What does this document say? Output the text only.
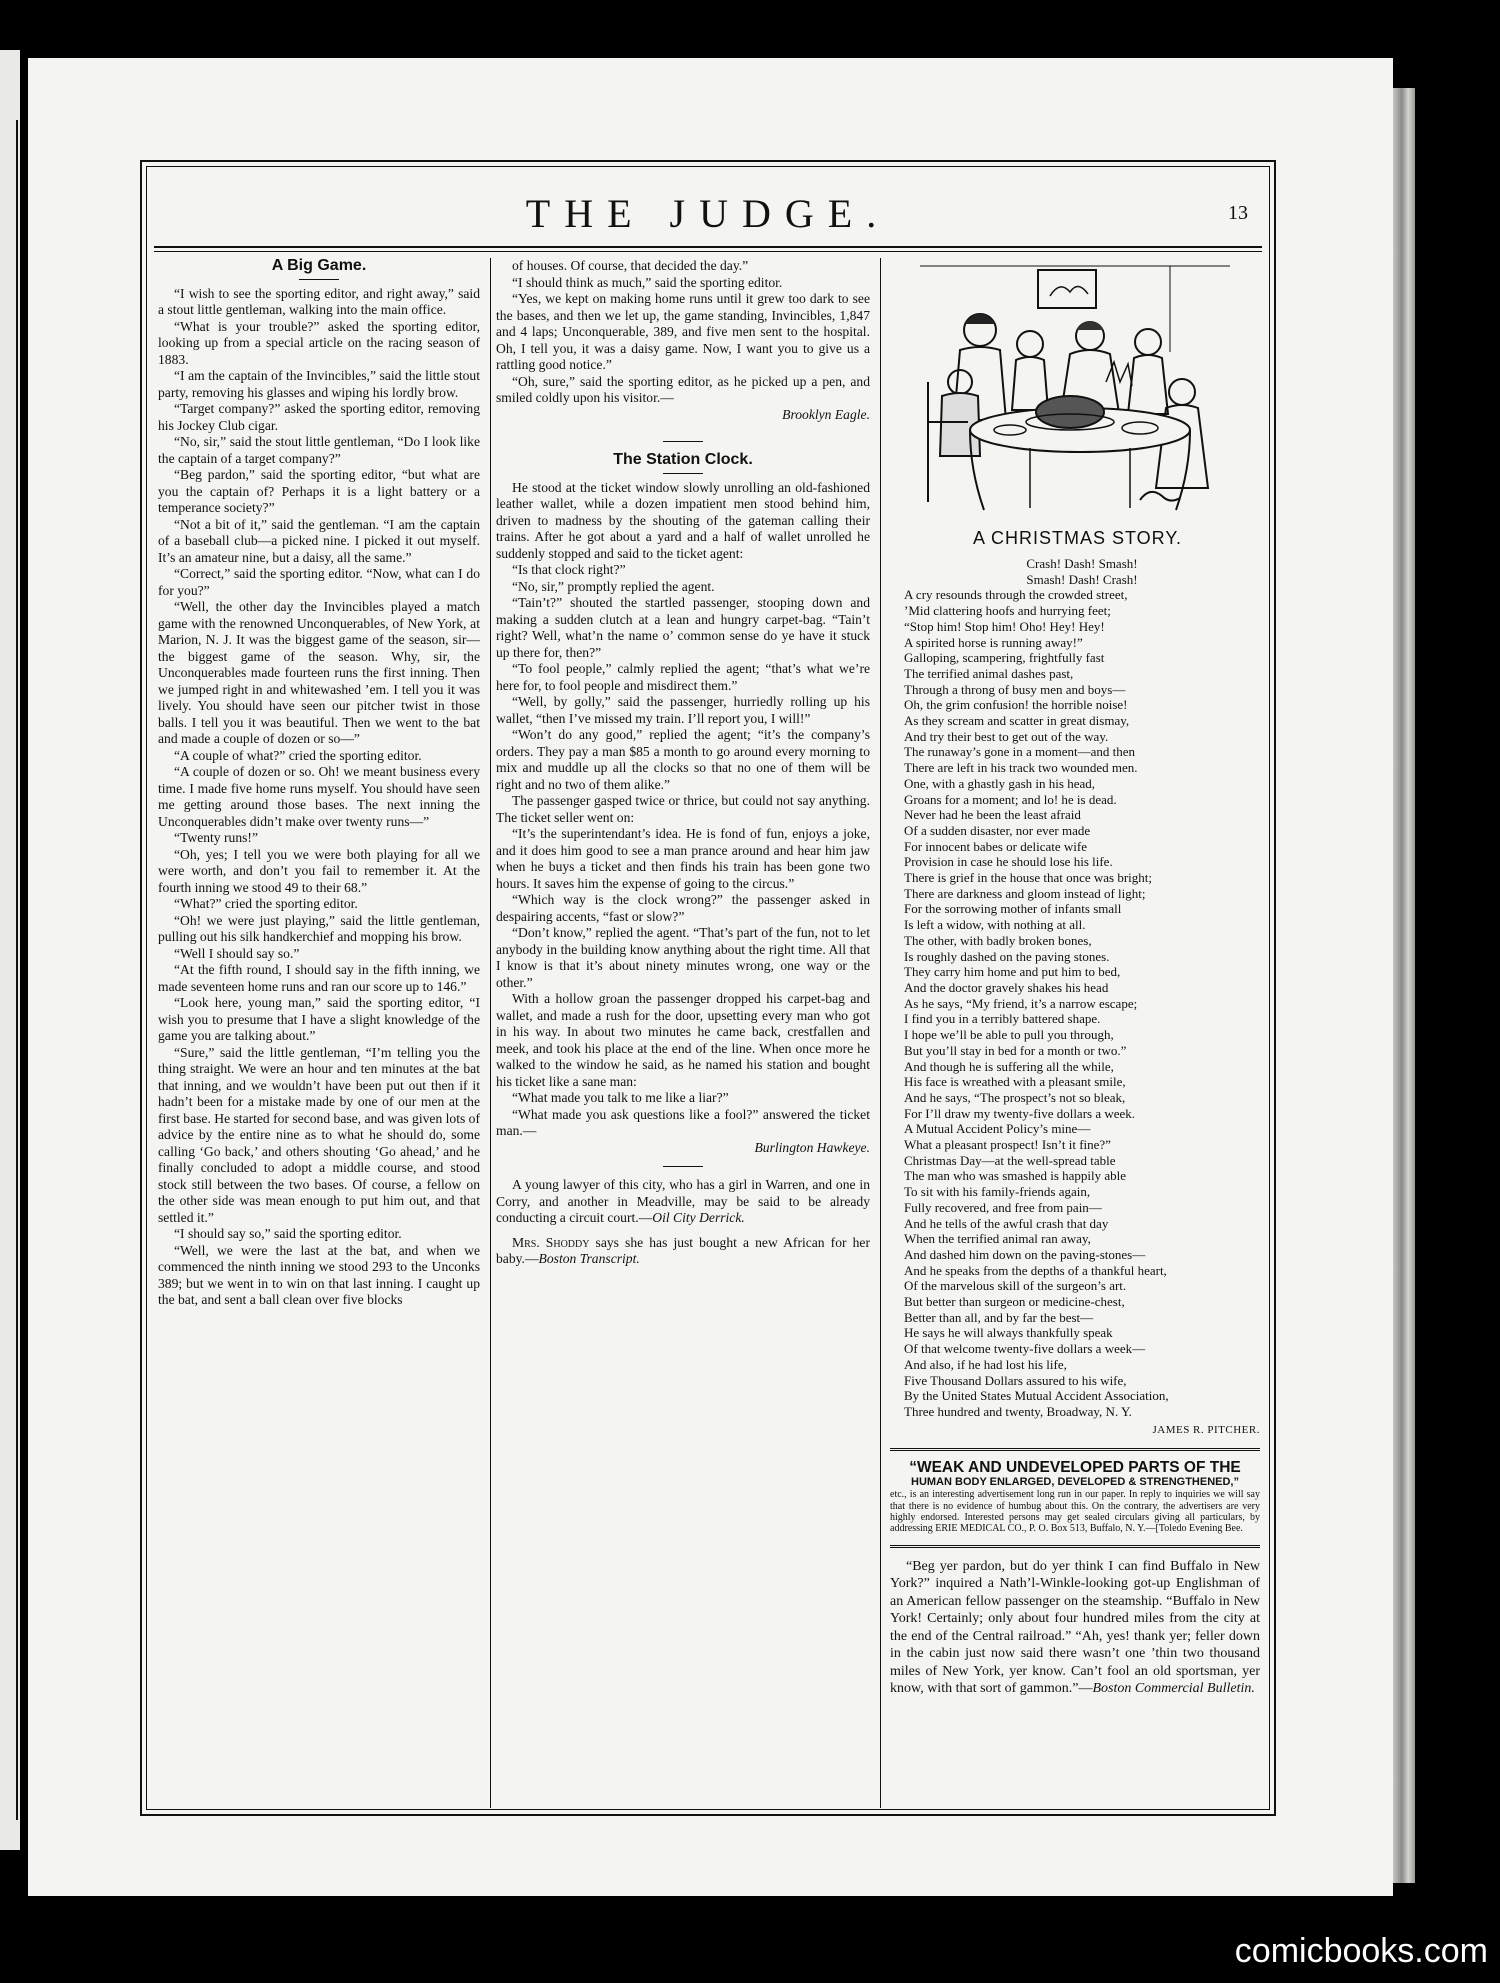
THE JUDGE.	13
A Big Game.

“I wish to see the sporting editor, and right away,” said a stout little gentleman, walking into the main office.

“What is your trouble?” asked the sporting editor, looking up from a special article on the racing season of 1883.

“I am the captain of the Invincibles,” said the little stout party, removing his glasses and wiping his lordly brow.

“Target company?” asked the sporting editor, removing his Jockey Club cigar.

“No, sir,” said the stout little gentleman, “Do I look like the captain of a target company?”

“Beg pardon,” said the sporting editor, “but what are you the captain of? Perhaps it is a light battery or a temperance society?”

“Not a bit of it,” said the gentleman. “I am the captain of a baseball club—a picked nine. I picked it out myself. It’s an amateur nine, but a daisy, all the same.”

“Correct,” said the sporting editor. “Now, what can I do for you?”

“Well, the other day the Invincibles played a match game with the renowned Unconquerables, of New York, at Marion, N. J. It was the biggest game of the season, sir—the biggest game of the season. Why, sir, the Unconquerables made fourteen runs the first inning. Then we jumped right in and whitewashed ’em. I tell you it was lively. You should have seen our pitcher twist in those balls. I tell you it was beautiful. Then we went to the bat and made a couple of dozen or so—”

“A couple of what?” cried the sporting editor.

“A couple of dozen or so. Oh! we meant business every time. I made five home runs myself. You should have seen me getting around those bases. The next inning the Unconquerables didn’t make over twenty runs—”

“Twenty runs!”

“Oh, yes; I tell you we were both playing for all we were worth, and don’t you fail to remember it. At the fourth inning we stood 49 to their 68.”

“What?” cried the sporting editor.

“Oh! we were just playing,” said the little gentleman, pulling out his silk handkerchief and mopping his brow.

“Well I should say so.”

“At the fifth round, I should say in the fifth inning, we made seventeen home runs and ran our score up to 146.”

“Look here, young man,” said the sporting editor, “I wish you to presume that I have a slight knowledge of the game you are talking about.”

“Sure,” said the little gentleman, “I’m telling you the thing straight. We were an hour and ten minutes at the bat that inning, and we wouldn’t have been put out then if it hadn’t been for a mistake made by one of our men at the first base. He started for second base, and was given lots of advice by the entire nine as to what he should do, some calling ‘Go back,’ and others shouting ‘Go ahead,’ and he finally concluded to adopt a middle course, and stood stock still between the two bases. Of course, a fellow on the other side was mean enough to put him out, and that settled it.”

“I should say so,” said the sporting editor.

“Well, we were the last at the bat, and when we commenced the ninth inning we stood 293 to the Unconks 389; but we went in to win on that last inning. I caught up the bat, and sent a ball clean over five blocks

of houses. Of course, that decided the day.”

“I should think as much,” said the sporting editor.

“Yes, we kept on making home runs until it grew too dark to see the bases, and then we let up, the game standing, Invincibles, 1,847 and 4 laps; Unconquerable, 389, and five men sent to the hospital. Oh, I tell you, it was a daisy game. Now, I want you to give us a rattling good notice.”

“Oh, sure,” said the sporting editor, as he picked up a pen, and smiled coldly upon his visitor.—

Brooklyn Eagle.

The Station Clock.

He stood at the ticket window slowly unrolling an old-fashioned leather wallet, while a dozen impatient men stood behind him, driven to madness by the shouting of the gateman calling their trains. After he got about a yard and a half of wallet unrolled he suddenly stopped and said to the ticket agent:

“Is that clock right?”

“No, sir,” promptly replied the agent.

“Tain’t?” shouted the startled passenger, stooping down and making a sudden clutch at a lean and hungry carpet-bag. “Tain’t right? Well, what’n the name o’ common sense do ye have it stuck up there for, then?”

“To fool people,” calmly replied the agent; “that’s what we’re here for, to fool people and misdirect them.”

“Well, by golly,” said the passenger, hurriedly rolling up his wallet, “then I’ve missed my train. I’ll report you, I will!”

“Won’t do any good,” replied the agent; “it’s the company’s orders. They pay a man $85 a month to go around every morning to mix and muddle up all the clocks so that no one of them will be right and no two of them alike.”

The passenger gasped twice or thrice, but could not say anything. The ticket seller went on:

“It’s the superintendant’s idea. He is fond of fun, enjoys a joke, and it does him good to see a man prance around and hear him jaw when he buys a ticket and then finds his train has been gone two hours. It saves him the expense of going to the circus.”

“Which way is the clock wrong?” the passenger asked in despairing accents, “fast or slow?”

“Don’t know,” replied the agent. “That’s part of the fun, not to let anybody in the building know anything about the right time. All that I know is that it’s about ninety minutes wrong, one way or the other.”

With a hollow groan the passenger dropped his carpet-bag and wallet, and made a rush for the door, upsetting every man who got in his way. In about two minutes he came back, crestfallen and meek, and took his place at the end of the line. When once more he walked to the window he said, as he named his station and bought his ticket like a sane man:

“What made you talk to me like a liar?”

“What made you ask questions like a fool?” answered the ticket man.—

Burlington Hawkeye.

A young lawyer of this city, who has a girl in Warren, and one in Corry, and another in Meadville, may be said to be already conducting a circuit court.—Oil City Derrick.

Mrs. Shoddy says she has just bought a new African for her baby.—Boston Transcript.

A CHRISTMAS STORY.
Crash! Dash! Smash!
Smash! Dash! Crash!
A cry resounds through the crowded street,
’Mid clattering hoofs and hurrying feet;
“Stop him! Stop him! Oho! Hey! Hey!
A spirited horse is running away!”
Galloping, scampering, frightfully fast
The terrified animal dashes past,
Through a throng of busy men and boys—
Oh, the grim confusion! the horrible noise!
As they scream and scatter in great dismay,
And try their best to get out of the way.
The runaway’s gone in a moment—and then
There are left in his track two wounded men.
One, with a ghastly gash in his head,
Groans for a moment; and lo! he is dead.
Never had he been the least afraid
Of a sudden disaster, nor ever made
For innocent babes or delicate wife
Provision in case he should lose his life.
There is grief in the house that once was bright;
There are darkness and gloom instead of light;
For the sorrowing mother of infants small
Is left a widow, with nothing at all.
The other, with badly broken bones,
Is roughly dashed on the paving stones.
They carry him home and put him to bed,
And the doctor gravely shakes his head
As he says, “My friend, it’s a narrow escape;
I find you in a terribly battered shape.
I hope we’ll be able to pull you through,
But you’ll stay in bed for a month or two.”
And though he is suffering all the while,
His face is wreathed with a pleasant smile,
And he says, “The prospect’s not so bleak,
For I’ll draw my twenty-five dollars a week.
A Mutual Accident Policy’s mine—
What a pleasant prospect! Isn’t it fine?”
Christmas Day—at the well-spread table
The man who was smashed is happily able
To sit with his family-friends again,
Fully recovered, and free from pain—
And he tells of the awful crash that day
When the terrified animal ran away,
And dashed him down on the paving-stones—
And he speaks from the depths of a thankful heart,
Of the marvelous skill of the surgeon’s art.
But better than surgeon or medicine-chest,
Better than all, and by far the best—
He says he will always thankfully speak
Of that welcome twenty-five dollars a week—
And also, if he had lost his life,
Five Thousand Dollars assured to his wife,
By the United States Mutual Accident Association,
Three hundred and twenty, Broadway, N. Y.
JAMES R. PITCHER.
“WEAK AND UNDEVELOPED PARTS OF THE
HUMAN BODY ENLARGED, DEVELOPED & STRENGTHENED,”
etc., is an interesting advertisement long run in our paper. In reply to inquiries we will say that there is no evidence of humbug about this. On the contrary, the advertisers are very highly endorsed. Interested persons may get sealed circulars giving all particulars, by addressing ERIE MEDICAL CO., P. O. Box 513, Buffalo, N. Y.—[Toledo Evening Bee.

“Beg yer pardon, but do yer think I can find Buffalo in New York?” inquired a Nath’l-Winkle-looking got-up Englishman of an American fellow passenger on the steamship. “Buffalo in New York! Certainly; only about four hundred miles from the city at the end of the Central railroad.” “Ah, yes! thank yer; feller down in the cabin just now said there wasn’t one ’thin two thousand miles of New York, yer know. Can’t fool an old sportsman, yer know, with that sort of gammon.”—Boston Commercial Bulletin.

comicbooks.com
